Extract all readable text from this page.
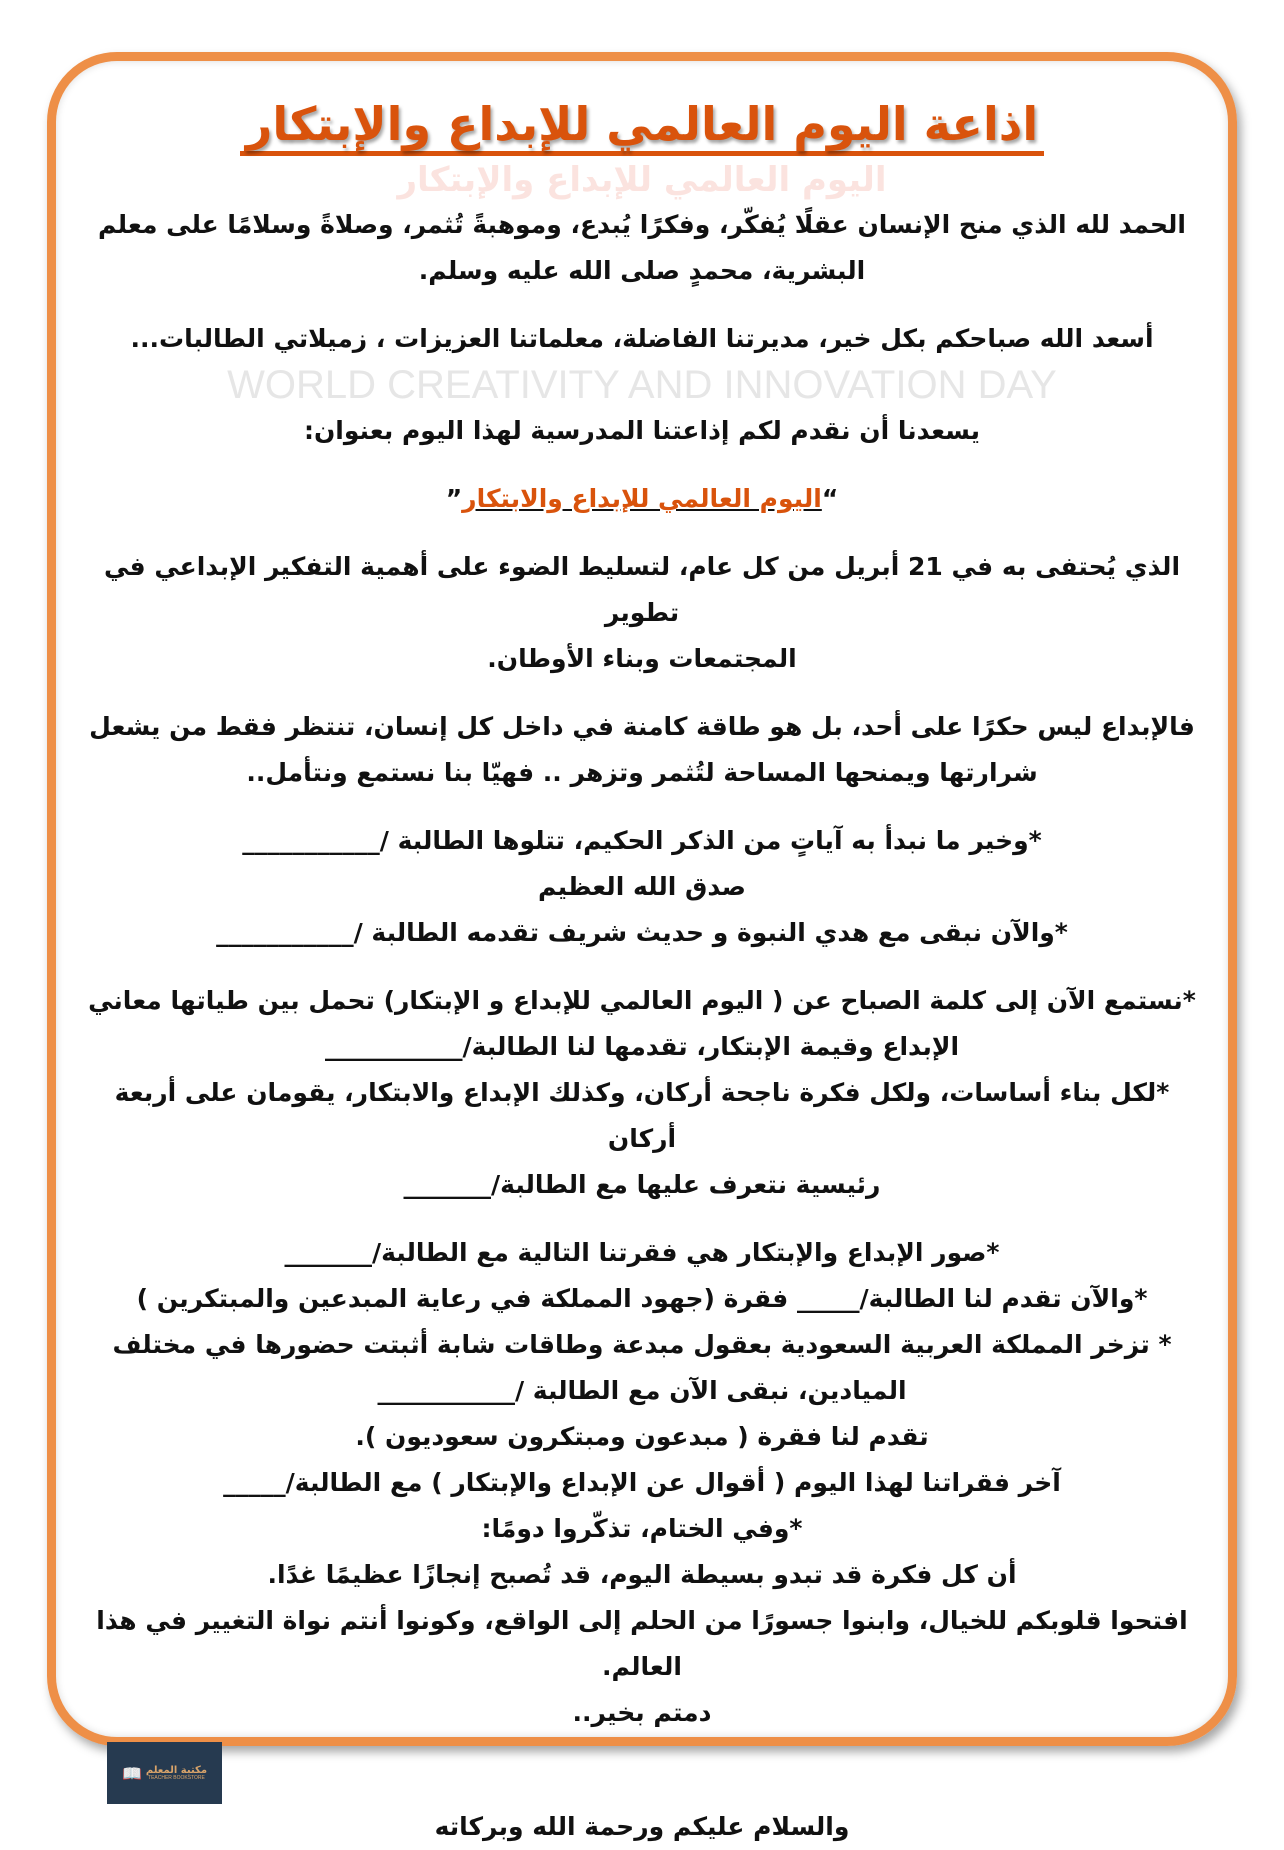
اذاعة اليوم العالمي للإبداع والإبتكار
اليوم العالمي للإبداع والإبتكار
الحمد لله الذي منح الإنسان عقلًا يُفكّر، وفكرًا يُبدع، وموهبةً تُثمر، وصلاةً وسلامًا على معلم
البشرية، محمدٍ صلى الله عليه وسلم.
أسعد الله صباحكم بكل خير، مديرتنا الفاضلة، معلماتنا العزيزات ، زميلاتي الطالبات...
WORLD CREATIVITY AND INNOVATION DAY
يسعدنا أن نقدم لكم إذاعتنا المدرسية لهذا اليوم بعنوان:
“اليوم العالمي للإبداع والابتكار”
الذي يُحتفى به في 21 أبريل من كل عام، لتسليط الضوء على أهمية التفكير الإبداعي في تطوير
المجتمعات وبناء الأوطان.
فالإبداع ليس حكرًا على أحد، بل هو طاقة كامنة في داخل كل إنسان، تنتظر فقط من يشعل
شرارتها ويمنحها المساحة لتُثمر وتزهر .. فهيّا بنا نستمع ونتأمل..
*وخير ما نبدأ به آياتٍ من الذكر الحكيم، تتلوها الطالبة /___________
صدق الله العظيم
*والآن نبقى مع هدي النبوة و حديث شريف تقدمه الطالبة /___________
*نستمع الآن إلى كلمة الصباح عن ( اليوم العالمي للإبداع و الإبتكار) تحمل بين طياتها معاني
الإبداع وقيمة الإبتكار، تقدمها لنا الطالبة/___________
*لكل بناء أساسات، ولكل فكرة ناجحة أركان، وكذلك الإبداع والابتكار، يقومان على أربعة أركان
رئيسية نتعرف عليها مع الطالبة/_______
*صور الإبداع والإبتكار هي فقرتنا التالية مع الطالبة/_______
*والآن تقدم لنا الطالبة/_____ فقرة (جهود المملكة في رعاية المبدعين والمبتكرين )
* تزخر المملكة العربية السعودية بعقول مبدعة وطاقات شابة أثبتت حضورها في مختلف
الميادين، نبقى الآن مع الطالبة /___________
تقدم لنا فقرة ( مبدعون ومبتكرون سعوديون ).
آخر فقراتنا لهذا اليوم ( أقوال عن الإبداع والإبتكار ) مع الطالبة/_____
*وفي الختام، تذكّروا دومًا:
أن كل فكرة قد تبدو بسيطة اليوم، قد تُصبح إنجازًا عظيمًا غدًا.
افتحوا قلوبكم للخيال، وابنوا جسورًا من الحلم إلى الواقع، وكونوا أنتم نواة التغيير في هذا العالم.
دمتم بخير..
📖 مكتبة المعلم
TEACHER BOOKSTORE
والسلام عليكم ورحمة الله وبركاته
